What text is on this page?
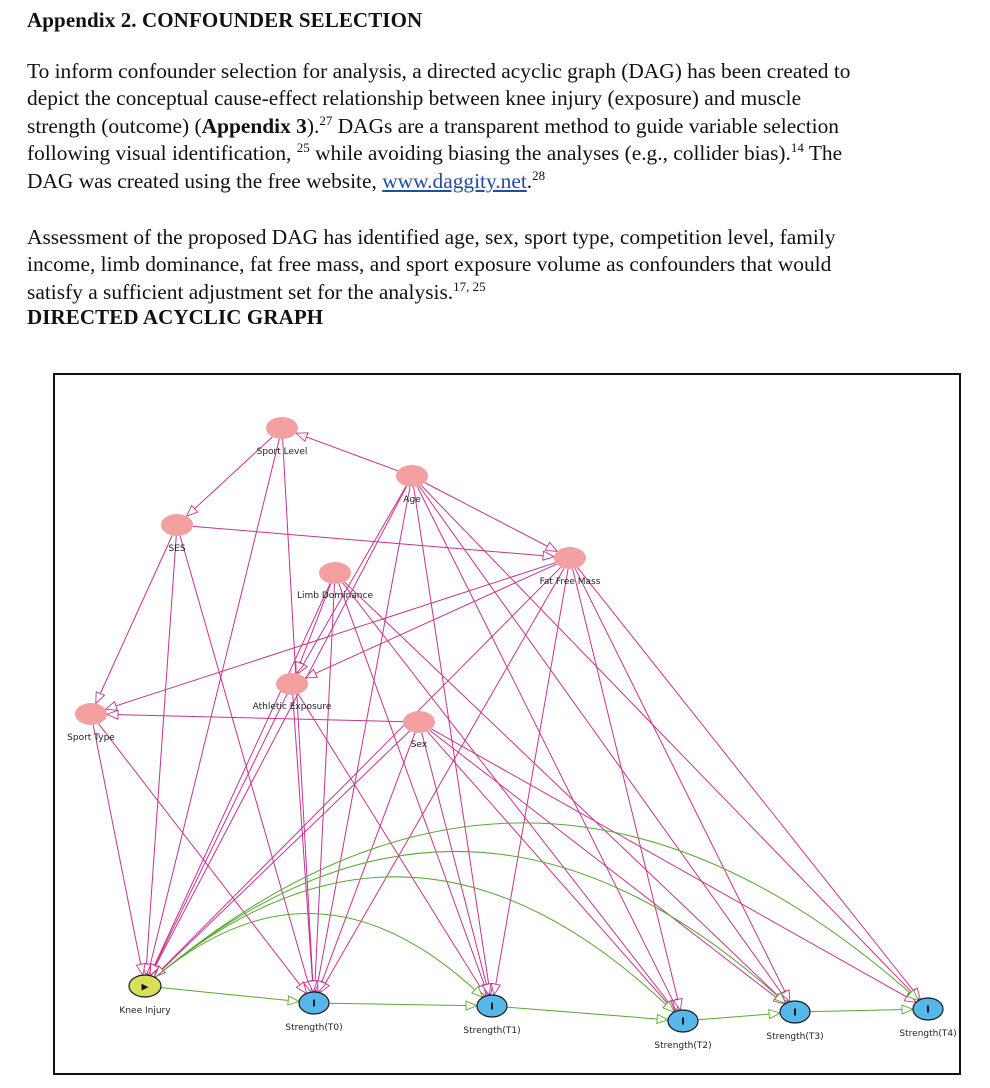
Appendix 2. CONFOUNDER SELECTION
To inform confounder selection for analysis, a directed acyclic graph (DAG) has been created to
depict the conceptual cause-effect relationship between knee injury (exposure) and muscle
strength (outcome) (Appendix 3).$^{27}$ DAGs are a transparent method to guide variable selection
following visual identification, $^{25}$ while avoiding biasing the analyses (e.g., collider bias).$^{14}$ The
DAG was created using the free website, www.daggity.net.$^{28}$
Assessment of the proposed DAG has identified age, sex, sport type, competition level, family
income, limb dominance, fat free mass, and sport exposure volume as confounders that would
satisfy a sufficient adjustment set for the analysis.$^{17, 25}$
DIRECTED ACYCLIC GRAPH
Sport Level
Age
SES
Fat Free Mass
Limb Dominance
Athletic Exposure
Sport Type
Sex
▶
Knee Injury
I
Strength(T0)
I
Strength(T1)
I
Strength(T2)
I
Strength(T3)
I
Strength(T4)
